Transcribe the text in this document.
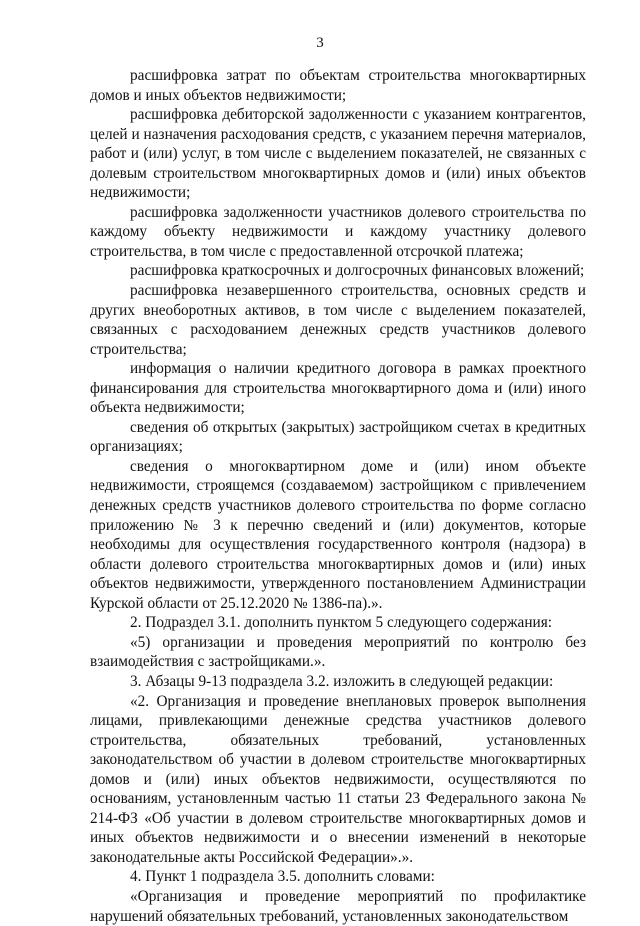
3

расшифровка затрат по объектам строительства многоквартирных домов и иных объектов недвижимости;

расшифровка дебиторской задолженности с указанием контрагентов, целей и назначения расходования средств, с указанием перечня материалов, работ и (или) услуг, в том числе с выделением показателей, не связанных с долевым строительством многоквартирных домов и (или) иных объектов недвижимости;

расшифровка задолженности участников долевого строительства по каждому объекту недвижимости и каждому участнику долевого строительства, в том числе с предоставленной отсрочкой платежа;

расшифровка краткосрочных и долгосрочных финансовых вложений;

расшифровка незавершенного строительства, основных средств и других внеоборотных активов, в том числе с выделением показателей, связанных с расходованием денежных средств участников долевого строительства;

информация о наличии кредитного договора в рамках проектного финансирования для строительства многоквартирного дома и (или) иного объекта недвижимости;

сведения об открытых (закрытых) застройщиком счетах в кредитных организациях;

сведения о многоквартирном доме и (или) ином объекте недвижимости, строящемся (создаваемом) застройщиком с привлечением денежных средств участников долевого строительства по форме согласно приложению № 3 к перечню сведений и (или) документов, которые необходимы для осуществления государственного контроля (надзора) в области долевого строительства многоквартирных домов и (или) иных объектов недвижимости, утвержденного постановлением Администрации Курской области от 25.12.2020 № 1386-па).».

2. Подраздел 3.1. дополнить пунктом 5 следующего содержания:

«5) организации и проведения мероприятий по контролю без взаимодействия с застройщиками.».

3. Абзацы 9-13 подраздела 3.2. изложить в следующей редакции:

«2. Организация и проведение внеплановых проверок выполнения лицами, привлекающими денежные средства участников долевого строительства, обязательных требований, установленных законодательством об участии в долевом строительстве многоквартирных домов и (или) иных объектов недвижимости, осуществляются по основаниям, установленным частью 11 статьи 23 Федерального закона № 214-ФЗ «Об участии в долевом строительстве многоквартирных домов и иных объектов недвижимости и о внесении изменений в некоторые законодательные акты Российской Федерации».».

4. Пункт 1 подраздела 3.5. дополнить словами:

«Организация и проведение мероприятий по профилактике нарушений обязательных требований, установленных законодательством
